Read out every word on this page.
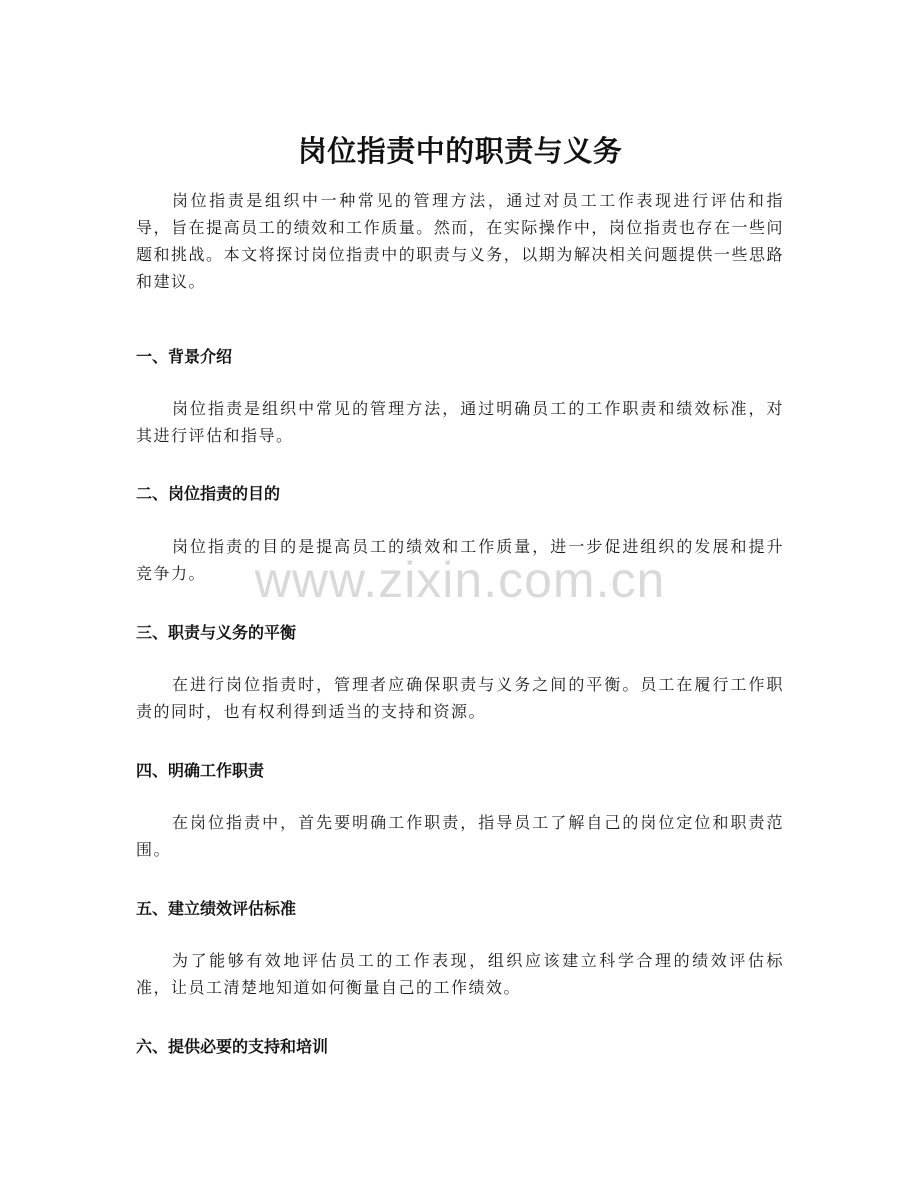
岗位指责中的职责与义务

岗位指责是组织中一种常见的管理方法，通过对员工工作表现进行评估和指导，旨在提高员工的绩效和工作质量。然而，在实际操作中，岗位指责也存在一些问题和挑战。本文将探讨岗位指责中的职责与义务，以期为解决相关问题提供一些思路和建议。

一、背景介绍

岗位指责是组织中常见的管理方法，通过明确员工的工作职责和绩效标准，对其进行评估和指导。

二、岗位指责的目的

岗位指责的目的是提高员工的绩效和工作质量，进一步促进组织的发展和提升竞争力。

三、职责与义务的平衡

在进行岗位指责时，管理者应确保职责与义务之间的平衡。员工在履行工作职责的同时，也有权利得到适当的支持和资源。

四、明确工作职责

在岗位指责中，首先要明确工作职责，指导员工了解自己的岗位定位和职责范围。

五、建立绩效评估标准

为了能够有效地评估员工的工作表现，组织应该建立科学合理的绩效评估标准，让员工清楚地知道如何衡量自己的工作绩效。

六、提供必要的支持和培训
www.zixin.com.cn
